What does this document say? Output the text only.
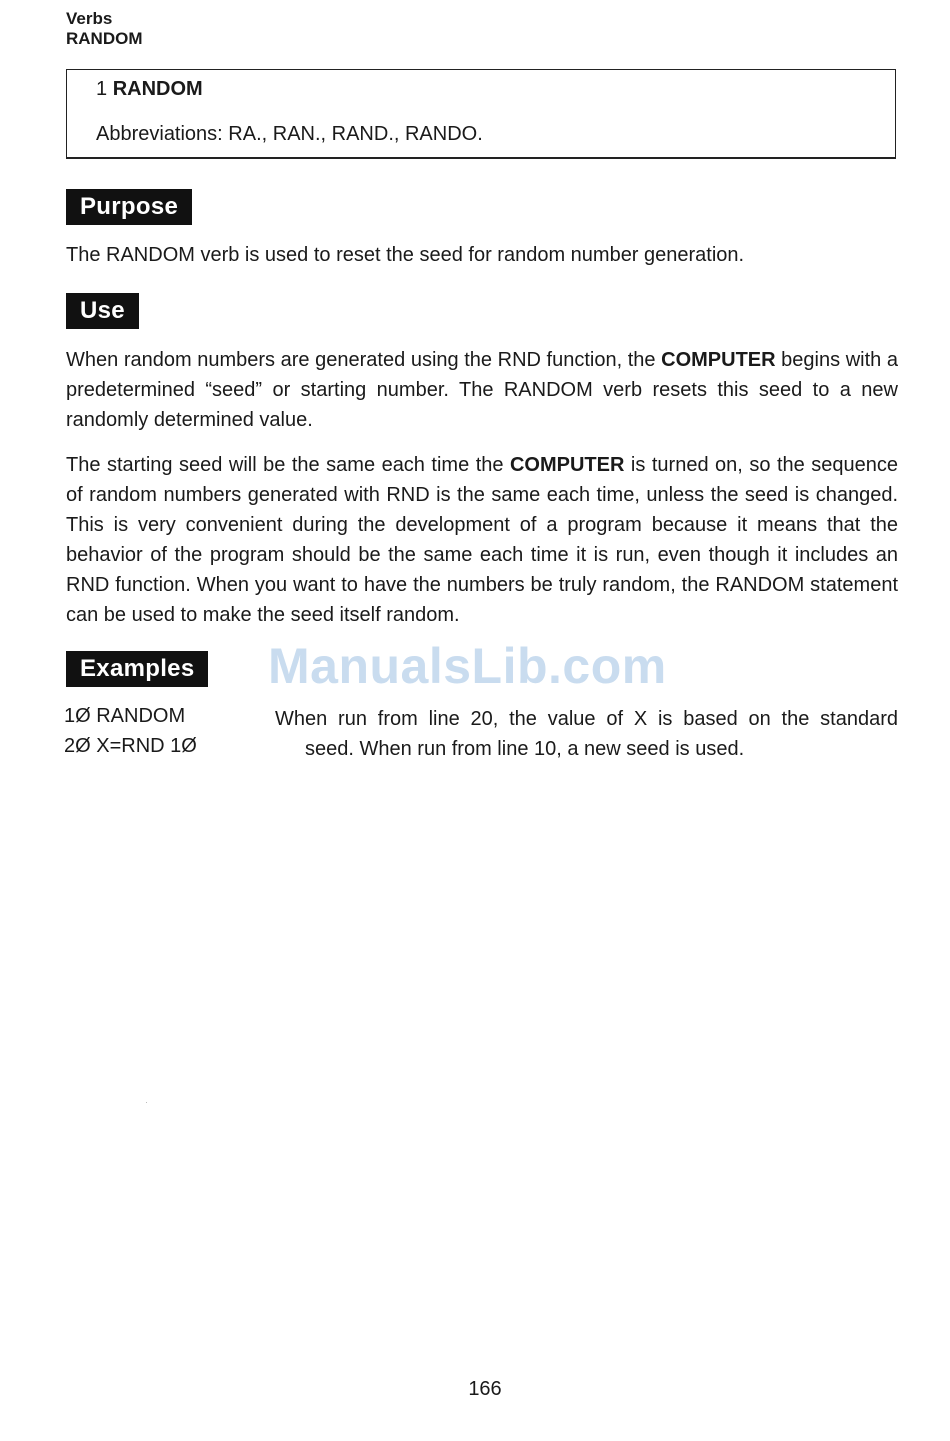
Verbs
RANDOM
1 RANDOM
Abbreviations: RA., RAN., RAND., RANDO.
Purpose
The RANDOM verb is used to reset the seed for random number generation.
Use
When random numbers are generated using the RND function, the COMPUTER begins with a predetermined “seed” or starting number. The RANDOM verb resets this seed to a new randomly determined value.
The starting seed will be the same each time the COMPUTER is turned on, so the sequence of random numbers generated with RND is the same each time, unless the seed is changed. This is very convenient during the development of a program because it means that the behavior of the program should be the same each time it is run, even though it includes an RND function. When you want to have the numbers be truly random, the RANDOM statement can be used to make the seed itself random.
Examples ManualsLib.com
1Ø RANDOM
2Ø X=RND 1Ø
When run from line 20, the value of X is based on the standard
seed. When run from line 10, a new seed is used.
166
